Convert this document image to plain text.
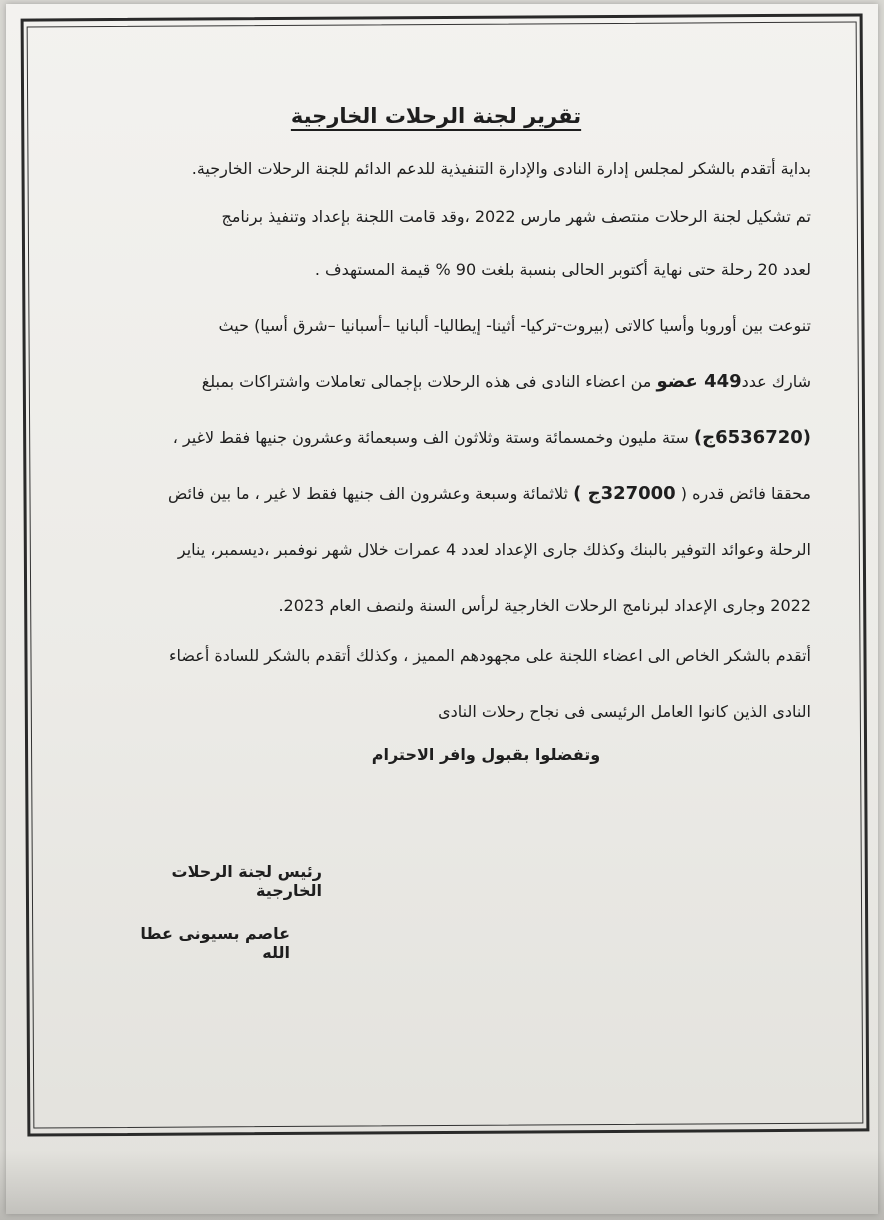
تقرير لجنة الرحلات الخارجية

بداية أتقدم بالشكر لمجلس إدارة النادى والإدارة التنفيذية للدعم الدائم للجنة الرحلات الخارجية.

تم تشكيل لجنة الرحلات منتصف شهر مارس 2022 ،وقد قامت اللجنة بإعداد وتنفيذ برنامج

لعدد 20 رحلة حتى نهاية أكتوبر الحالى بنسبة بلغت 90 % قيمة المستهدف .

تنوعت بين أوروبا وأسيا كالاتى (بيروت-تركيا- أثينا- إيطاليا- ألبانيا –أسبانيا –شرق أسيا) حيث

شارك عدد449 عضو من اعضاء النادى فى هذه الرحلات بإجمالى تعاملات واشتراكات بمبلغ

(6536720ج) ستة مليون وخمسمائة وستة وثلاثون الف وسبعمائة وعشرون جنيها فقط لاغير ،

محققا فائض قدره ( 327000ج ) ثلاثمائة وسبعة وعشرون الف جنيها فقط لا غير ، ما بين فائض

الرحلة وعوائد التوفير بالبنك وكذلك جارى الإعداد لعدد 4 عمرات خلال شهر نوفمبر ،ديسمبر، يناير

2022 وجارى الإعداد لبرنامج الرحلات الخارجية لرأس السنة ولنصف العام 2023.

أتقدم بالشكر الخاص الى اعضاء اللجنة على مجهودهم المميز ، وكذلك أتقدم بالشكر للسادة أعضاء

النادى الذين كانوا العامل الرئيسى فى نجاح رحلات النادى

وتفضلوا بقبول وافر الاحترام

رئيس لجنة الرحلات الخارجية
عاصم بسيونى عطا الله
